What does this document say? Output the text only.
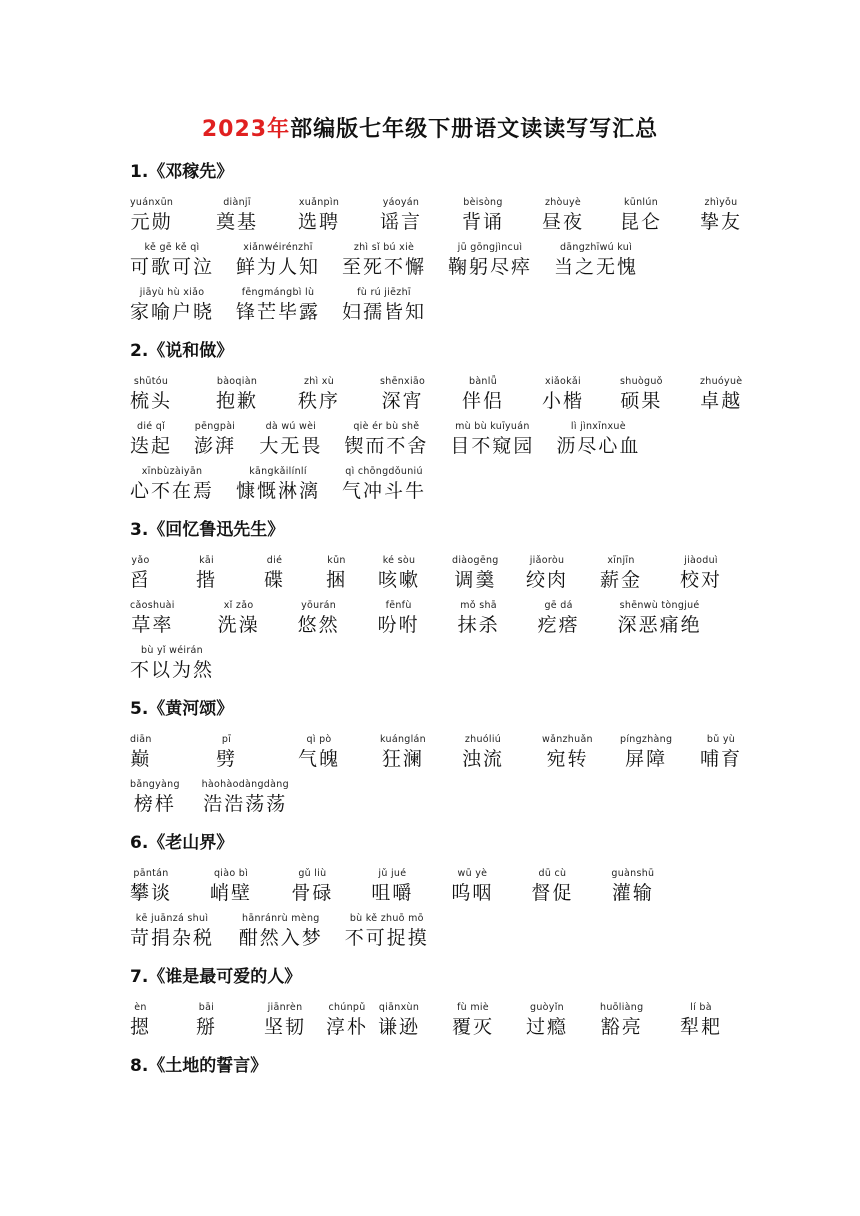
2023年部编版七年级下册语文读读写写汇总
1.《邓稼先》
yuánxūn
元勋
diànjī
奠基
xuǎnpìn
选聘
yáoyán
谣言
bèisòng
背诵
zhòuyè
昼夜
kūnlún
昆仑
zhìyǒu
挚友
kě gē kě qì
可歌可泣
xiǎnwéirénzhī
鲜为人知
zhì sǐ bú xiè
至死不懈
jū gōngjìncuì
鞠躬尽瘁
dāngzhīwú kuì
当之无愧
jiāyù hù xiǎo
家喻户晓
fēngmángbì lù
锋芒毕露
fù rú jiēzhī
妇孺皆知
2.《说和做》
shūtóu
梳头
bàoqiàn
抱歉
zhì xù
秩序
shēnxiāo
深宵
bànlǚ
伴侣
xiǎokǎi
小楷
shuòguǒ
硕果
zhuóyuè
卓越
dié qǐ
迭起
pēngpài
澎湃
dà wú wèi
大无畏
qiè ér bù shě
锲而不舍
mù bù kuīyuán
目不窥园
lì jìnxīnxuè
沥尽心血
xīnbùzàiyān
心不在焉
kāngkǎilínlí
慷慨淋漓
qì chōngdǒuniú
气冲斗牛
3.《回忆鲁迅先生》
yǎo
舀
kāi
揩
dié
碟
kǔn
捆
ké sòu
咳嗽
diàogēng
调羹
jiǎoròu
绞肉
xīnjīn
薪金
jiàoduì
校对
cǎoshuài
草率
xǐ zǎo
洗澡
yōurán
悠然
fēnfù
吩咐
mǒ shā
抹杀
gē dá
疙瘩
shēnwù tòngjué
深恶痛绝
bù yǐ wéirán
不以为然
5.《黄河颂》
diān
巅
pī
劈
qì pò
气魄
kuánglán
狂澜
zhuóliú
浊流
wǎnzhuǎn
宛转
píngzhàng
屏障
bǔ yù
哺育
bǎngyàng
榜样
hàohàodàngdàng
浩浩荡荡
6.《老山界》
pāntán
攀谈
qiào bì
峭壁
gǔ liù
骨碌
jǔ jué
咀嚼
wū yè
呜咽
dū cù
督促
guànshū
灌输
kē juānzá shuì
苛捐杂税
hānránrù mèng
酣然入梦
bù kě zhuō mō
不可捉摸
7.《谁是最可爱的人》
èn
摁
bāi
掰
jiānrèn
坚韧
chúnpǔ
淳朴
qiānxùn
谦逊
fù miè
覆灭
guòyǐn
过瘾
huōliàng
豁亮
lí bà
犁耙
8.《土地的誓言》
